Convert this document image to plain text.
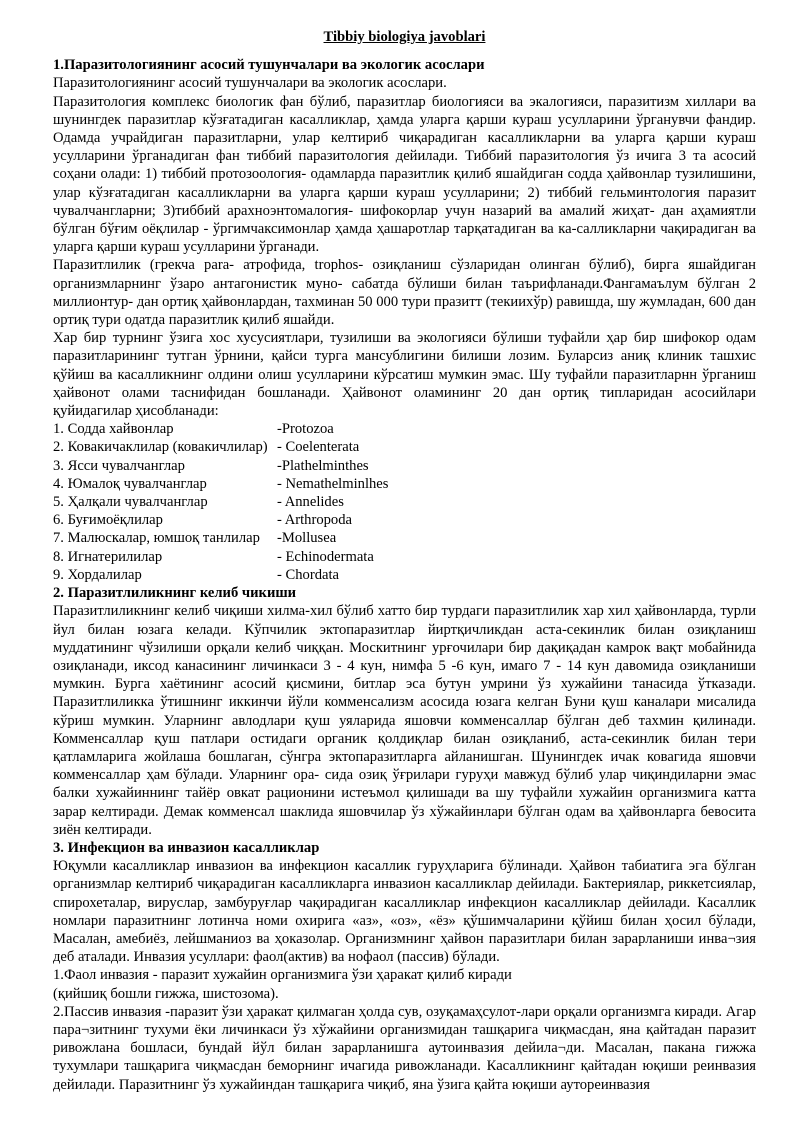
Tibbiy biologiya javoblari

1.Паразитологиянинг асосий тушунчалари ва экологик асослари

Паразитологиянинг асосий тушунчалари ва экологик асослари.

Паразитология комплекс биологик фан бўлиб, паразитлар биологияси ва экалогияси, паразитизм хиллари ва шунингдек паразитлар кўзғатадиган касалликлар, ҳамда уларга қарши кураш усулларини ўрганувчи фандир. Одамда учрайдиган паразитларни, улар келтириб чиқарадиган касалликларни ва уларга қарши кураш усулларини ўрганадиган фан тиббий паразитология дейилади. Тиббий паразитология ўз ичига 3 та асосий соҳани олади: 1) тиббий протозоология- одамларда паразитлик қилиб яшайдиган содда ҳайвонлар тузилишини, улар кўзғатадиган касалликларни ва уларга қарши кураш усулларини; 2) тиббий гельминтология паразит чувалчангларни; 3)тиббий арахноэнтомалогия- шифокорлар учун назарий ва амалий жиҳат- дан аҳамиятли бўлган бўғим оёқлилар - ўргимчаксимонлар ҳамда ҳашаротлар тарқатадиган ва ка-салликларни чақирадиган ва уларга қарши кураш усулларини ўрганади.

Паразитлилик (грекча рara- атрофида, trophos- озиқланиш сўзларидан олинган бўлиб), бирга яшайдиган организмларнинг ўзаро антагонистик муно- сабатда бўлиши билан таърифланади.Фангамаълум бўлган 2 миллионтур- дан ортиқ ҳайвонлардан, тахминан 50 000 тури празитт (текиихўр) равишда, шу жумладан, 600 дан ортиқ тури одатда паразитлик қилиб яшайди.

Хар бир турнинг ўзига хос хусусиятлари, тузилиши ва экологияси бўлиши туфайли ҳар бир шифокор одам паразитларининг тутган ўрнини, қайси турга мансублигини билиши лозим. Буларсиз аниқ клиник ташхис қўйиш ва касалликнинг олдини олиш усулларини кўрсатиш мумкин эмас. Шу туфайли паразитларнн ўрганиш ҳайвонот олами таснифидан бошланади. Ҳайвонот оламининг 20 дан ортиқ типларидан асосийлари қуйидагилар ҳисобланади:

1. Содда хайвонлар	-Protozoa
2. Ковакичаклилар (ковакичлилар) - Coelenterata
3. Ясси чувалчанглар	-Plathelminthes
4. Юмалоқ чувалчанглар	- Nemathelminlhes
5. Ҳалқали чувалчанглар	- Annelides
6. Буғимоёқлилар	- Arthropoda
7. Малюскалар, юмшоқ танлилар	-Mollusea
8. Игнатерилилар	- Echinodermata
9. Хордалилар	- Chordata

2. Паразитлиликнинг келиб чикиши

Паразитлиликнинг келиб чиқиши хилма-хил бўлиб хатто бир турдаги паразитлилик хар хил ҳайвонларда, турли йул билан юзага келади. Кўпчилик эктопаразитлар йиртқичликдан аста-секинлик билан озиқланиш муддатининг чўзилиши орқали келиб чиққан. Москитнинг урғочилари бир дақиқадан камрок вақт мобайнида озиқланади, иксод канасининг личинкаси 3 - 4 кун, нимфа 5 -6 кун, имаго 7 - 14 кун давомида озиқланиши мумкин. Бурга хаётининг асосий қисмини, битлар эса бутун умрини ўз хужайини танасида ўтказади. Паразитлиликка ўтишнинг иккинчи йўли комменсализм асосида юзага келган Буни қуш каналари мисалида кўриш мумкин. Уларнинг авлодлари қуш уяларида яшовчи комменсаллар бўлган деб тахмин қилинади. Комменсаллар қуш патлари остидаги органик қолдиқлар билан озиқланиб, аста-секинлик билан тери қатламларига жойлаша бошлаган, сўнгра эктопаразитларга айланишган. Шунингдек ичак ковагида яшовчи комменсаллар ҳам бўлади. Уларнинг ора- сида озиқ ўғрилари гуруҳи мавжуд бўлиб улар чиқиндиларни эмас балки хужайиннинг тайёр овкат рационини истеъмол қилишади ва шу туфайли хужайин организмига катта зарар келтиради. Демак комменсал шаклида яшовчилар ўз хўжайинлари бўлган одам ва ҳайвонларга бевосита зиён келтиради.

3. Инфекцион ва инвазион касалликлар

Юқумли касалликлар инвазион ва инфекцион касаллик гуруҳларига бўлинади. Ҳайвон табиатига эга бўлган организмлар келтириб чиқарадиган касалликларга инвазион касалликлар дейилади. Бактериялар, риккетсиялар, спирохеталар, вируслар, замбуруғлар чақирадиган касалликлар инфекцион касалликлар дейилади. Касаллик номлари паразитнинг лотинча номи охирига «аз», «оз», «ёз» қўшимчаларини қўйиш билан ҳосил бўлади, Масалан, амебиёз, лейшманиоз ва ҳоказолар. Организмнинг ҳайвон паразитлари билан зарарланиши инва¬зия деб аталади. Инвазия усуллари: фаол(актив) ва нофаол (пассив) бўлади.

1.Фаол инвазия - паразит хужайин организмига ўзи ҳаракат қилиб киради

(қийшиқ бошли гижжа, шистозома).

2.Пассив инвазия -паразит ўзи ҳаракат қилмаган ҳолда сув, озуқамаҳсулот-лари орқали организмга киради. Агар пара¬зитнинг тухуми ёки личинкаси ўз хўжайини организмидан ташқарига чиқмасдан, яна қайтадан паразит ривожлана бошласи, бундай йўл билан зарарланишга аутоинвазия дейила¬ди. Масалан, пакана гижжа тухумлари ташқарига чиқмасдан беморнинг ичагида ривожланади. Касалликнинг қайтадан юқиши реинвазия дейилади. Паразитнинг ўз хужайиндан ташқарига чиқиб, яна ўзига қайта юқиши аутореинвазия
